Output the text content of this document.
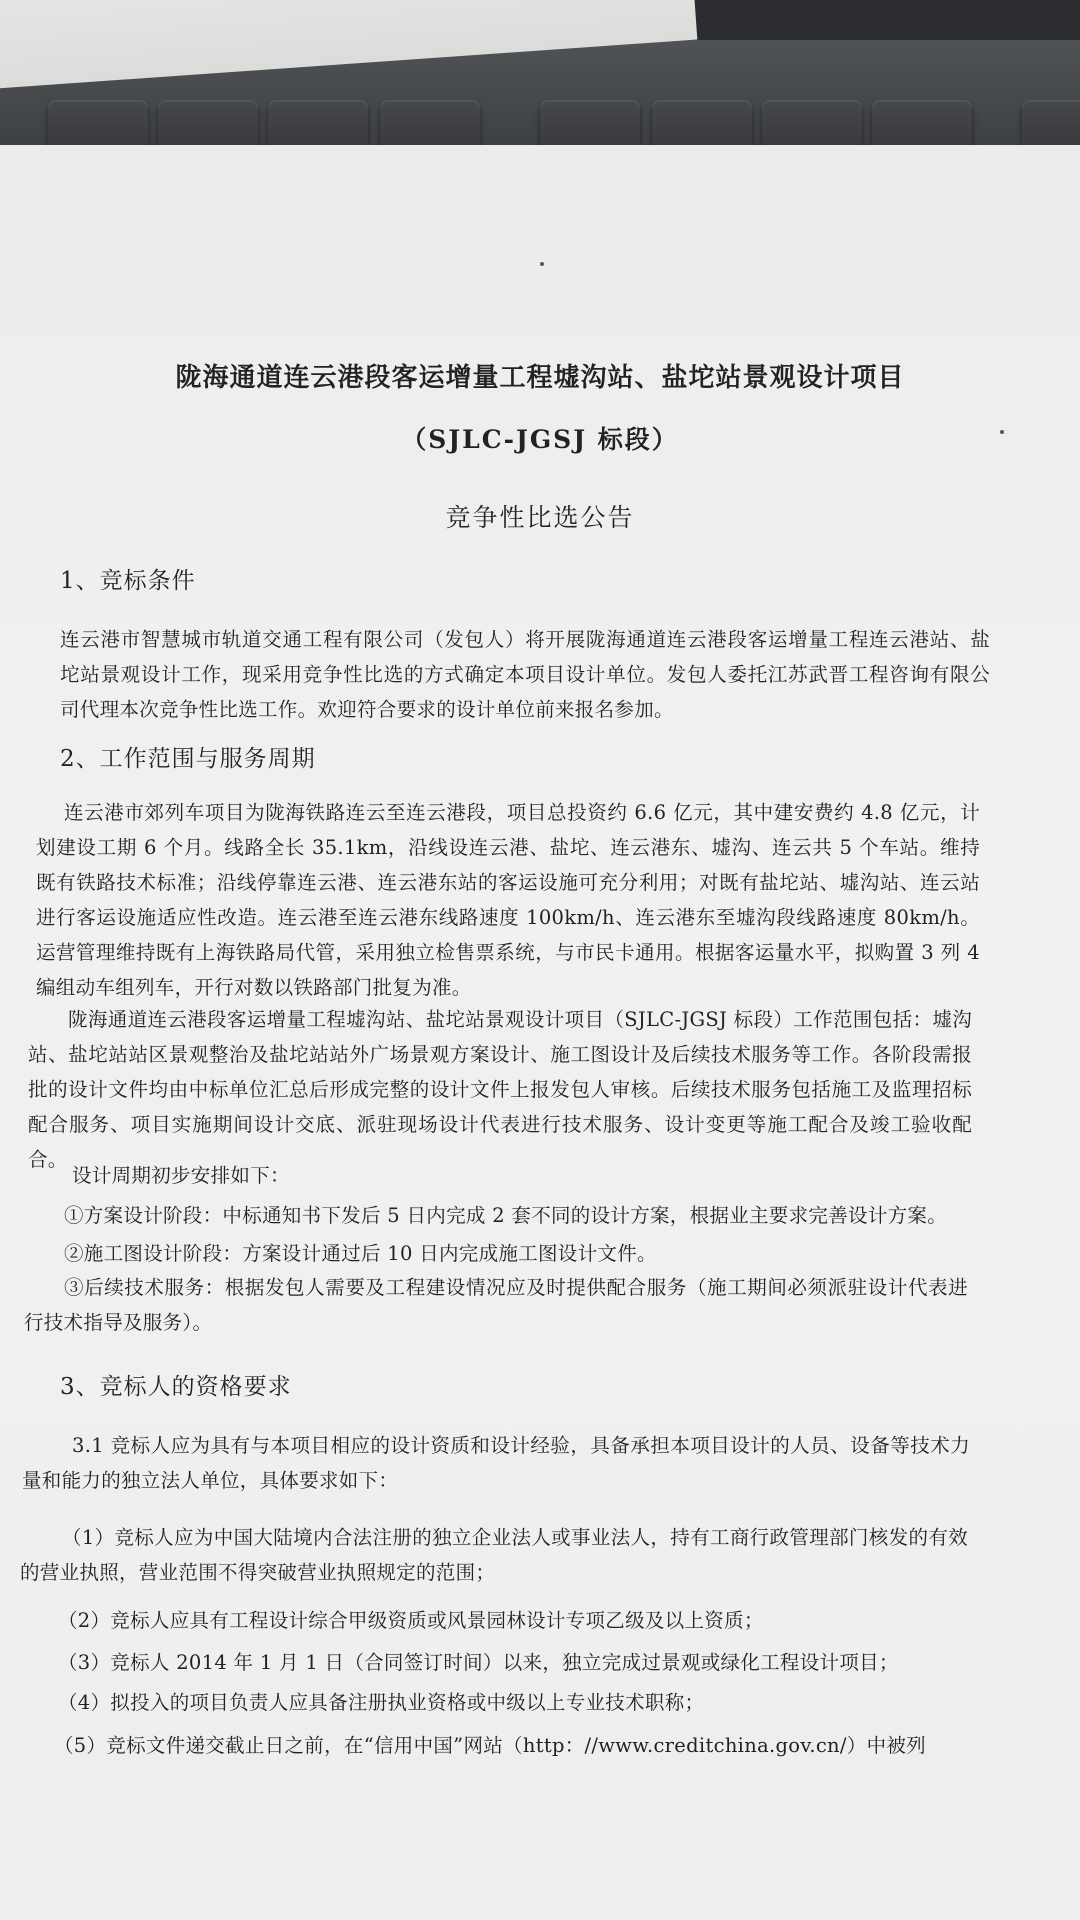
陇海通道连云港段客运增量工程墟沟站、盐坨站景观设计项目
（SJLC-JGSJ 标段）
竞争性比选公告
1、竞标条件
连云港市智慧城市轨道交通工程有限公司（发包人）将开展陇海通道连云港段客运增量工程连云港站、盐坨站景观设计工作，现采用竞争性比选的方式确定本项目设计单位。发包人委托江苏武晋工程咨询有限公司代理本次竞争性比选工作。欢迎符合要求的设计单位前来报名参加。
2、工作范围与服务周期
连云港市郊列车项目为陇海铁路连云至连云港段，项目总投资约 6.6 亿元，其中建安费约 4.8 亿元，计划建设工期 6 个月。线路全长 35.1km，沿线设连云港、盐坨、连云港东、墟沟、连云共 5 个车站。维持既有铁路技术标准；沿线停靠连云港、连云港东站的客运设施可充分利用；对既有盐坨站、墟沟站、连云站进行客运设施适应性改造。连云港至连云港东线路速度 100km/h、连云港东至墟沟段线路速度 80km/h。运营管理维持既有上海铁路局代管，采用独立检售票系统，与市民卡通用。根据客运量水平，拟购置 3 列 4 编组动车组列车，开行对数以铁路部门批复为准。
陇海通道连云港段客运增量工程墟沟站、盐坨站景观设计项目（SJLC-JGSJ 标段）工作范围包括：墟沟站、盐坨站站区景观整治及盐坨站站外广场景观方案设计、施工图设计及后续技术服务等工作。各阶段需报批的设计文件均由中标单位汇总后形成完整的设计文件上报发包人审核。后续技术服务包括施工及监理招标配合服务、项目实施期间设计交底、派驻现场设计代表进行技术服务、设计变更等施工配合及竣工验收配合。
设计周期初步安排如下：
①方案设计阶段：中标通知书下发后 5 日内完成 2 套不同的设计方案，根据业主要求完善设计方案。
②施工图设计阶段：方案设计通过后 10 日内完成施工图设计文件。
③后续技术服务：根据发包人需要及工程建设情况应及时提供配合服务（施工期间必须派驻设计代表进行技术指导及服务）。
3、竞标人的资格要求
3.1 竞标人应为具有与本项目相应的设计资质和设计经验，具备承担本项目设计的人员、设备等技术力量和能力的独立法人单位，具体要求如下：
（1）竞标人应为中国大陆境内合法注册的独立企业法人或事业法人，持有工商行政管理部门核发的有效的营业执照，营业范围不得突破营业执照规定的范围；
（2）竞标人应具有工程设计综合甲级资质或风景园林设计专项乙级及以上资质；
（3）竞标人 2014 年 1 月 1 日（合同签订时间）以来，独立完成过景观或绿化工程设计项目；
（4）拟投入的项目负责人应具备注册执业资格或中级以上专业技术职称；
（5）竞标文件递交截止日之前，在“信用中国”网站（http：//www.creditchina.gov.cn/）中被列
